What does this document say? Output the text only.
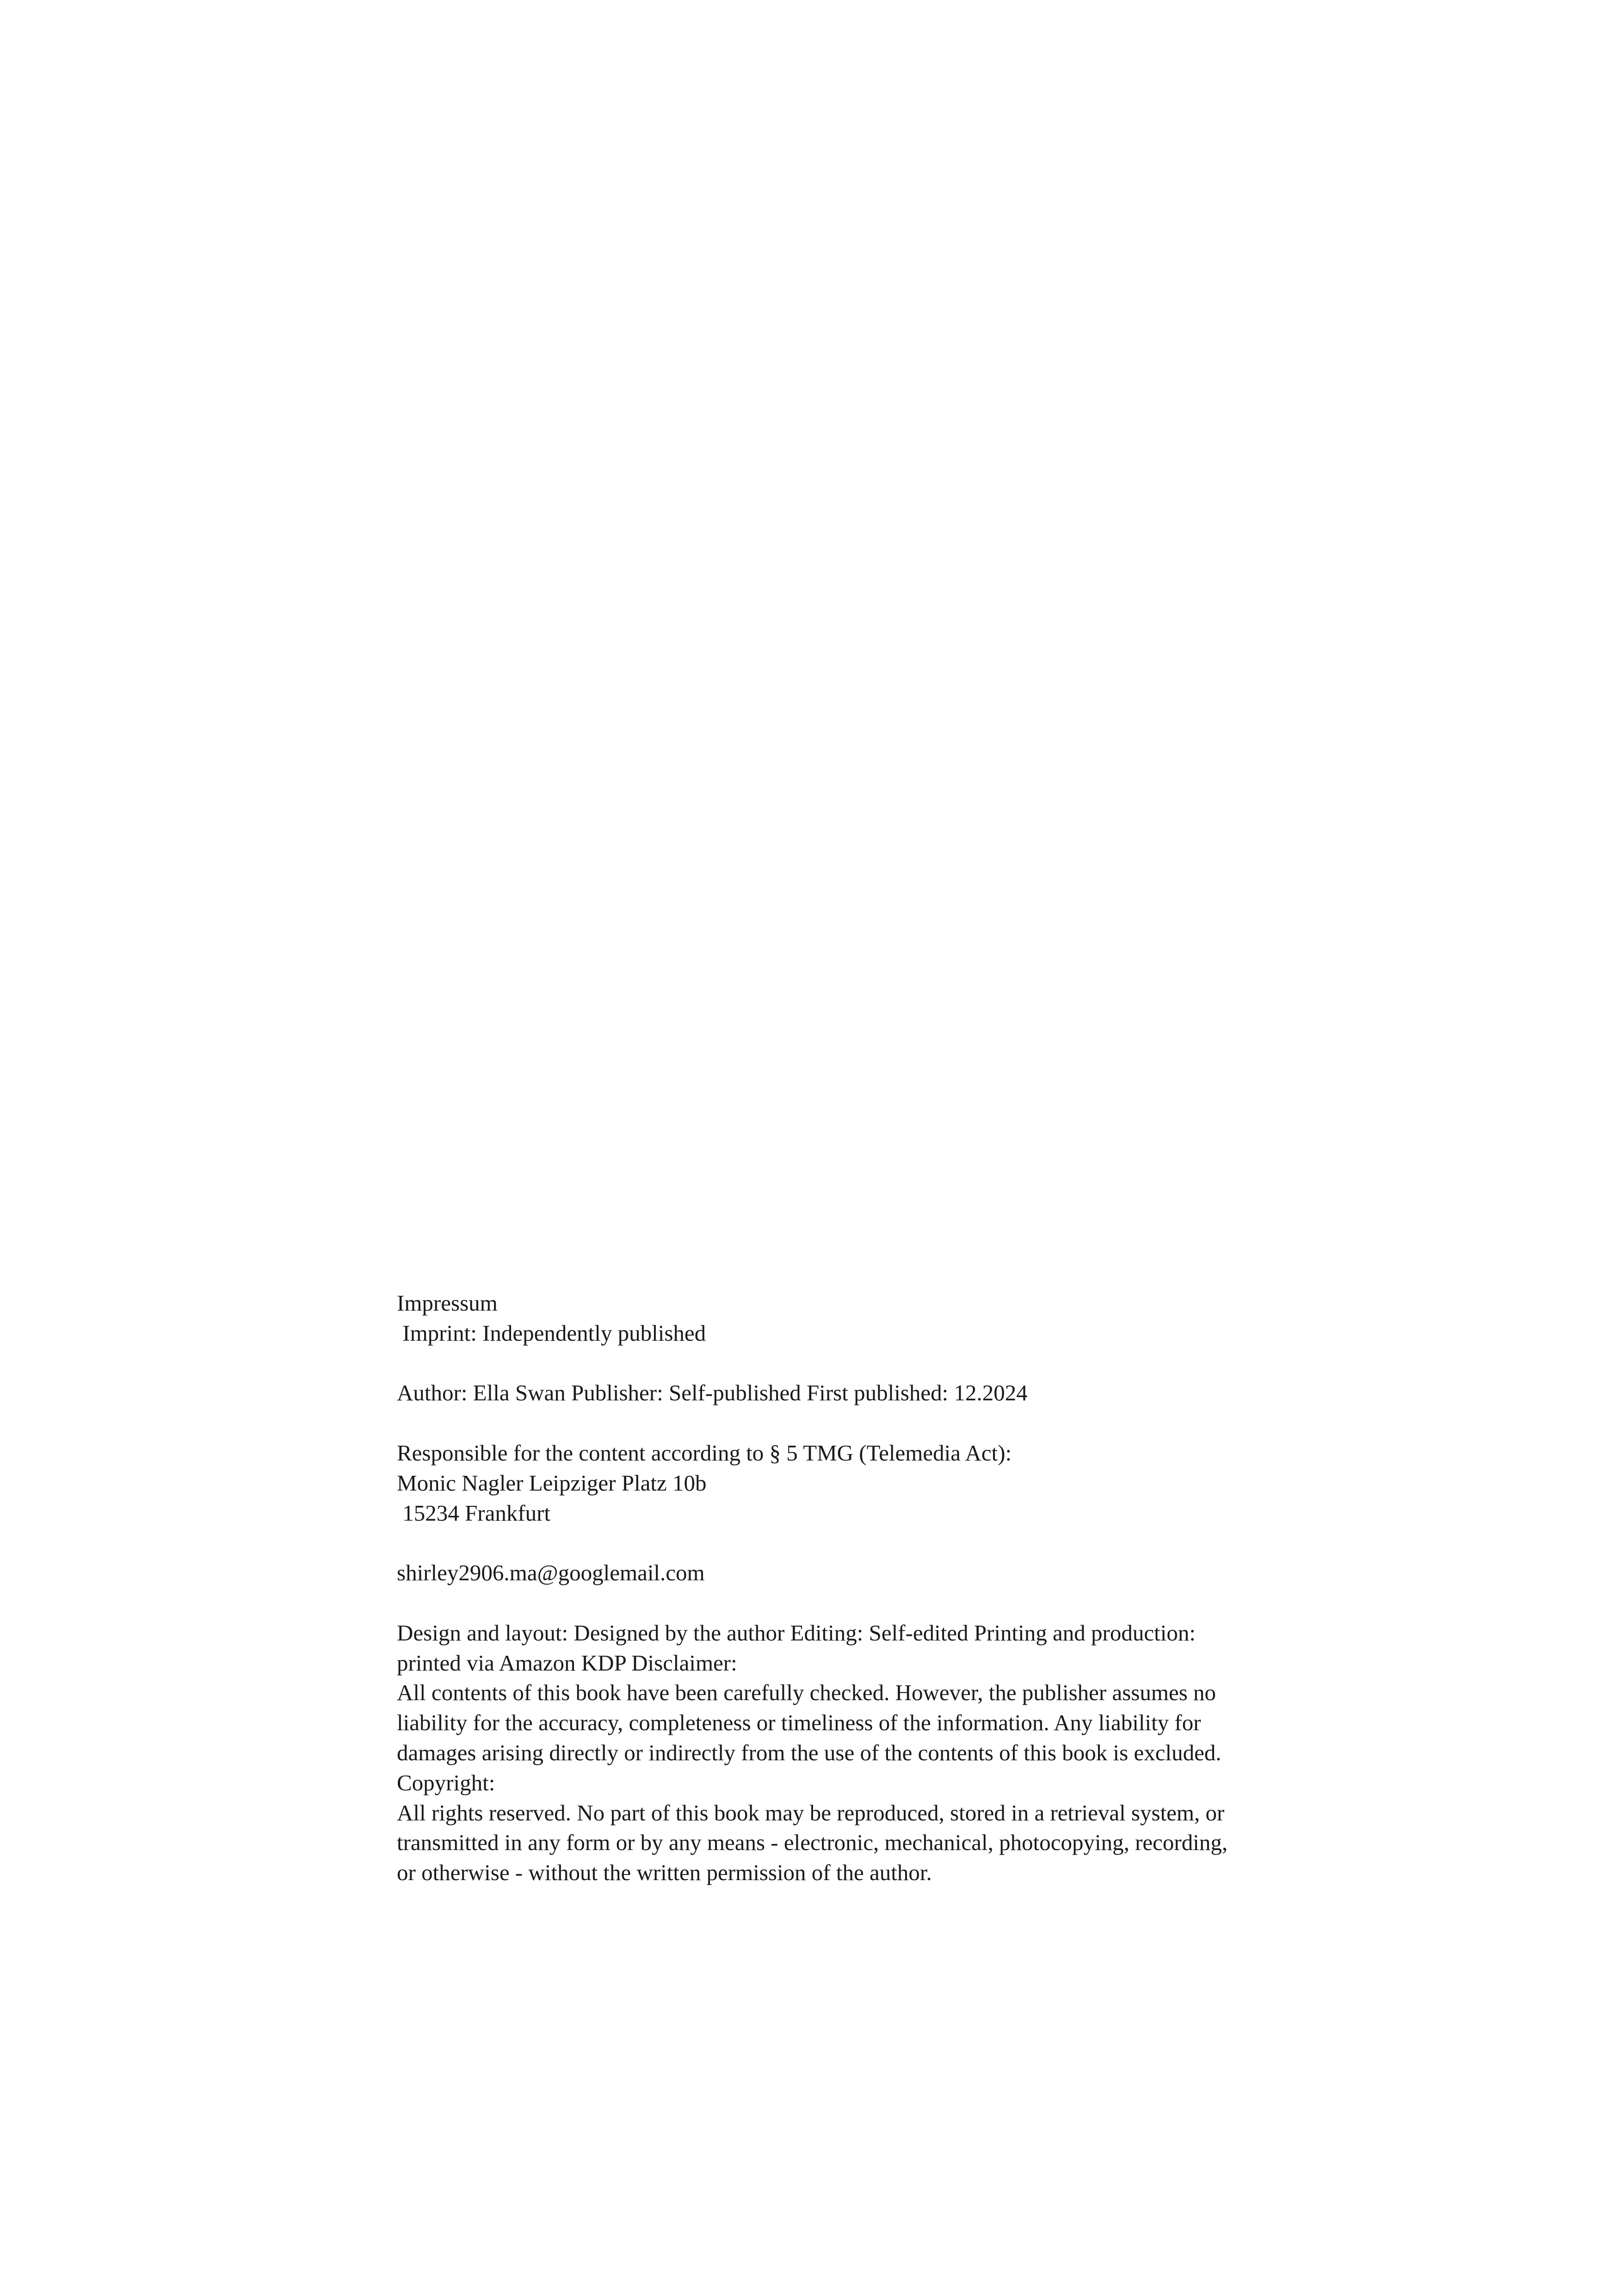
Impressum
Imprint: Independently published
Author: Ella Swan Publisher: Self-published First published: 12.2024
Responsible for the content according to § 5 TMG (Telemedia Act):
Monic Nagler Leipziger Platz 10b
15234 Frankfurt
shirley2906.ma@googlemail.com
Design and layout: Designed by the author Editing: Self-edited Printing and production:
printed via Amazon KDP Disclaimer:
All contents of this book have been carefully checked. However, the publisher assumes no
liability for the accuracy, completeness or timeliness of the information. Any liability for
damages arising directly or indirectly from the use of the contents of this book is excluded.
Copyright:
All rights reserved. No part of this book may be reproduced, stored in a retrieval system, or
transmitted in any form or by any means - electronic, mechanical, photocopying, recording,
or otherwise - without the written permission of the author.
